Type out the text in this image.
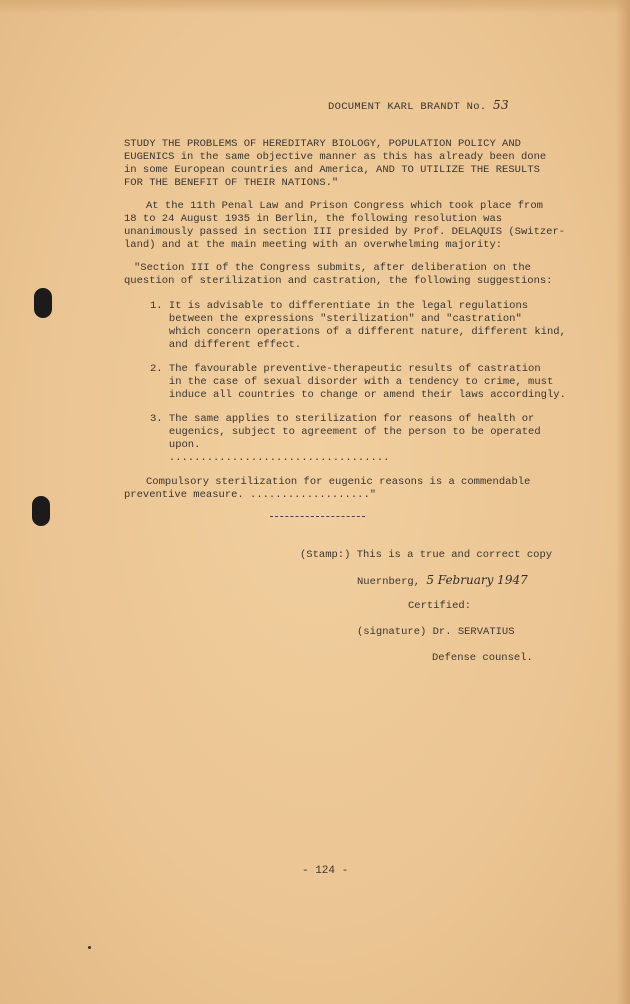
DOCUMENT KARL BRANDT No. 53
STUDY THE PROBLEMS OF HEREDITARY BIOLOGY, POPULATION POLICY AND
EUGENICS in the same objective manner as this has already been done
in some European countries and America, AND TO UTILIZE THE RESULTS
FOR THE BENEFIT OF THEIR NATIONS."
At the 11th Penal Law and Prison Congress which took place from
18 to 24 August 1935 in Berlin, the following resolution was
unanimously passed in section III presided by Prof. DELAQUIS (Switzer-
land) and at the main meeting with an overwhelming majority:
"Section III of the Congress submits, after deliberation on the
question of sterilization and castration, the following suggestions:
1. It is advisable to differentiate in the legal regulations
between the expressions "sterilization" and "castration"
which concern operations of a different nature, different kind,
and different effect.
2. The favourable preventive-therapeutic results of castration
in the case of sexual disorder with a tendency to crime, must
induce all countries to change or amend their laws accordingly.
3. The same applies to sterilization for reasons of health or
eugenics, subject to agreement of the person to be operated
upon.
...................................
Compulsory sterilization for eugenic reasons is a commendable
preventive measure. ..................."
(Stamp:) This is a true and correct copy
Nuernberg, 5 February 1947
Certified:
(signature) Dr. SERVATIUS
Defense counsel.
- 124 -
